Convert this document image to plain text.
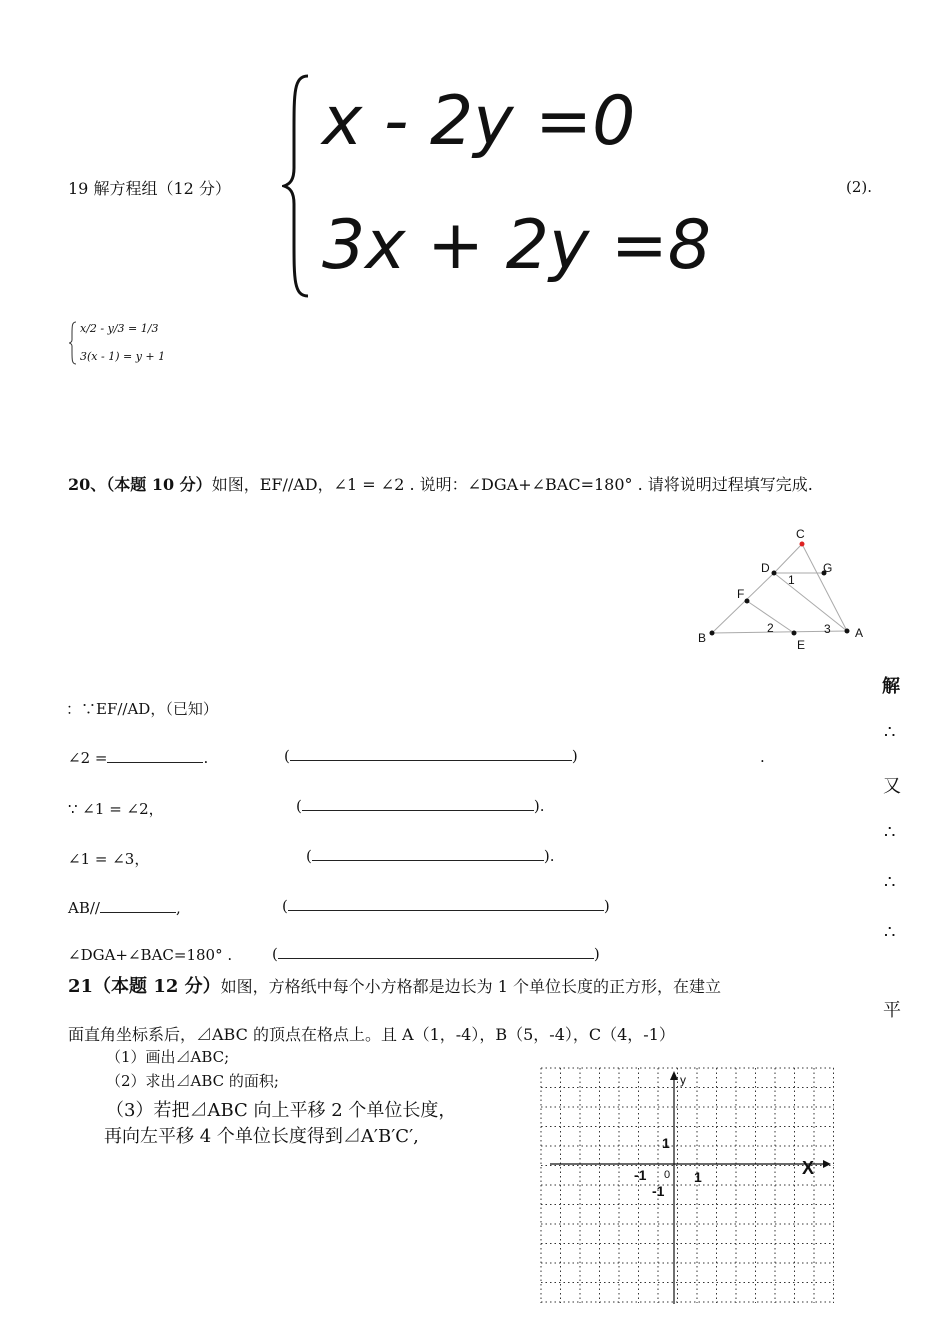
19 解方程组（12 分）
x - 2y =0
3x + 2y =8
(2).
x/2 - y/3 = 1/3
3(x - 1) = y + 1
20、（本题 10 分）如图，EF//AD，∠1 = ∠2 . 说明：∠DGA+∠BAC=180° . 请将说明过程填写完成.
C
D	G
F
B	E
A
1
2	3
解
∴
又
∴
∴
∴
平
：∵EF//AD，（已知）
∠2 =	.	(	)	.
∵ ∠1 = ∠2，	(	).
∠1 = ∠3，	(	).
AB//	,	(	)
∠DGA+∠BAC=180° .	(	)
21（本题 12 分）如图，方格纸中每个小方格都是边长为 1 个单位长度的正方形，在建立
面直角坐标系后，⊿ABC 的顶点在格点上。且 A（1，-4），B（5，-4），C（4，-1）
（1）画出⊿ABC;
（2）求出⊿ABC 的面积;
（3）若把⊿ABC 向上平移 2 个单位长度，
再向左平移 4 个单位长度得到⊿A′B′C′,
y
X
0 1
-1
1
-1
